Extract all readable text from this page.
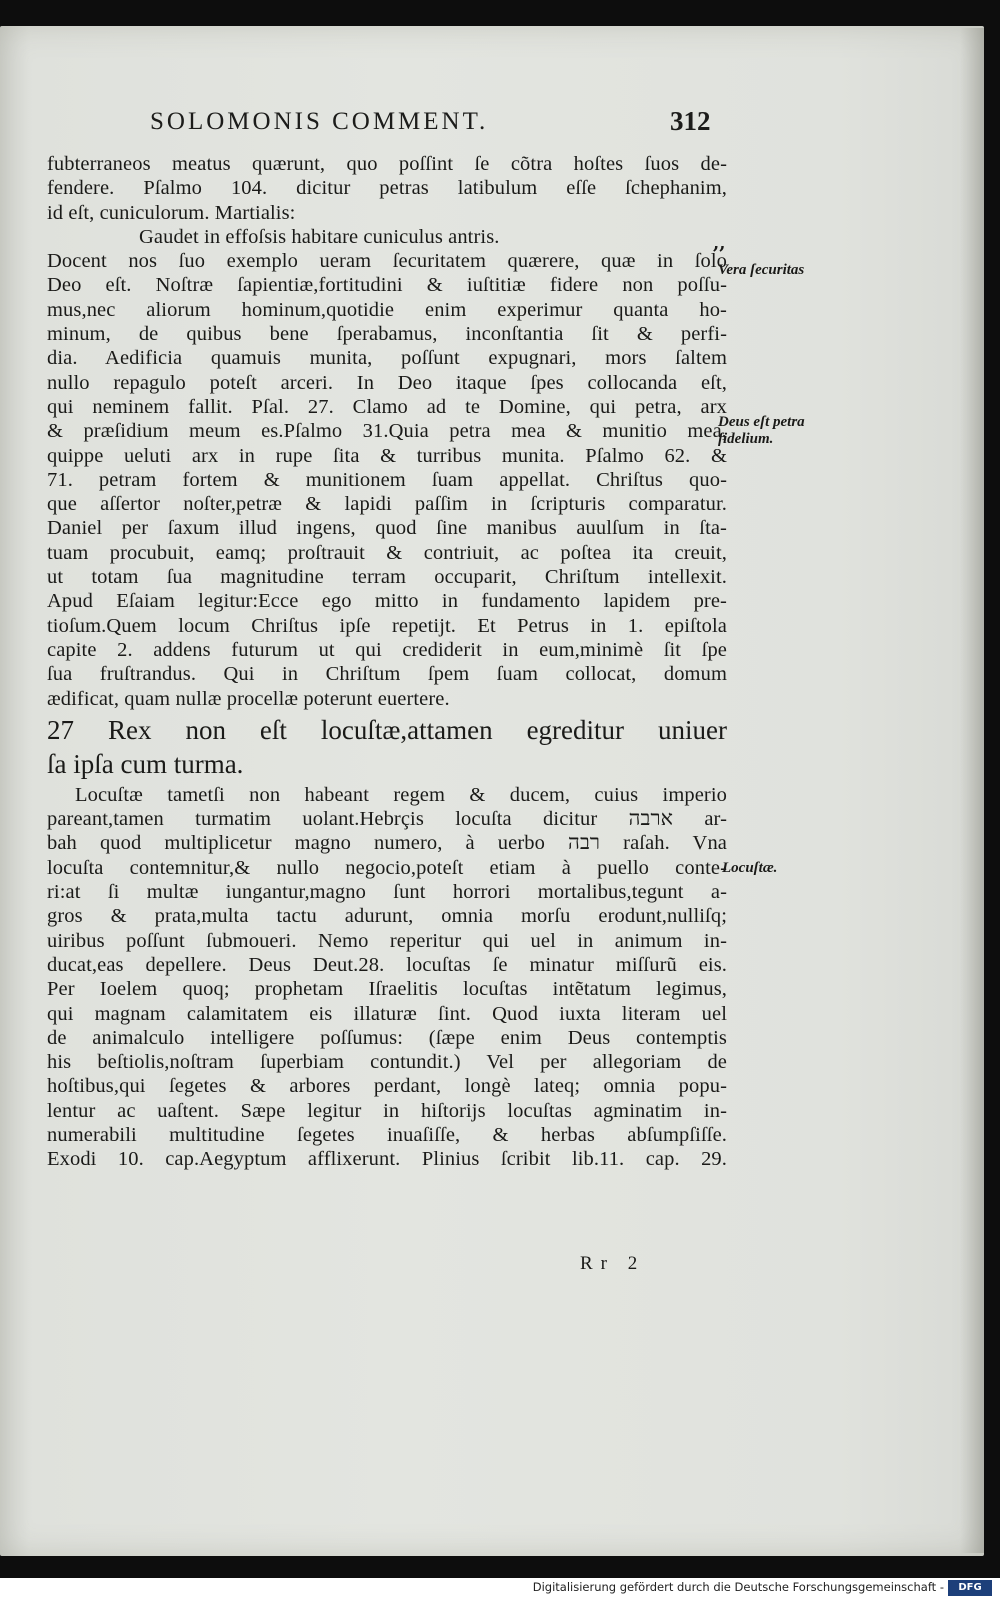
SOLOMONIS COMMENT.	312
fubterraneos meatus quærunt, quo poſſint ſe cõtra hoſtes ſuos de-
fendere. Pſalmo 104. dicitur petras latibulum eſſe ſchephanim,
id eſt, cuniculorum. Martialis:
Gaudet in effoſsis habitare cuniculus antris.
Docent nos ſuo exemplo ueram ſecuritatem quærere, quæ in ſolo
Deo eſt. Noſtræ ſapientiæ,fortitudini & iuſtitiæ fidere non poſſu-
mus,nec aliorum hominum,quotidie enim experimur quanta ho-
minum, de quibus bene ſperabamus, inconſtantia ſit & perfi-
dia. Aedificia quamuis munita, poſſunt expugnari, mors ſaltem
nullo repagulo poteſt arceri. In Deo itaque ſpes collocanda eſt,
qui neminem fallit. Pſal. 27. Clamo ad te Domine, qui petra, arx
& præſidium meum es.Pſalmo 31.Quia petra mea & munitio mea,
quippe ueluti arx in rupe ſita & turribus munita. Pſalmo 62. &
71. petram fortem & munitionem ſuam appellat. Chriſtus quo-
que aſſertor noſter,petræ & lapidi paſſim in ſcripturis comparatur.
Daniel per ſaxum illud ingens, quod ſine manibus auulſum in ſta-
tuam procubuit, eamq; proſtrauit & contriuit, ac poſtea ita creuit,
ut totam ſua magnitudine terram occuparit, Chriſtum intellexit.
Apud Eſaiam legitur:Ecce ego mitto in fundamento lapidem pre-
tioſum.Quem locum Chriſtus ipſe repetijt. Et Petrus in 1. epiſtola
capite 2. addens futurum ut qui crediderit in eum,minimè ſit ſpe
ſua fruſtrandus. Qui in Chriſtum ſpem ſuam collocat, domum
ædificat, quam nullæ procellæ poterunt euertere.
27 Rex non eſt locuſtæ,attamen egreditur uniuer
ſa ipſa cum turma.
Locuſtæ tametſi non habeant regem & ducem, cuius imperio
pareant,tamen turmatim uolant.Hebrçis locuſta dicitur ארבה ar-
bah quod multiplicetur magno numero, à uerbo רבה raſah. Vna
locuſta contemnitur,& nullo negocio,poteſt etiam à puello conte-
ri:at ſi multæ iungantur,magno ſunt horrori mortalibus,tegunt a-
gros & prata,multa tactu adurunt, omnia morſu erodunt,nulliſq;
uiribus poſſunt ſubmoueri. Nemo reperitur qui uel in animum in-
ducat,eas depellere. Deus Deut.28. locuſtas ſe minatur miſſurũ eis.
Per Ioelem quoq; prophetam Iſraelitis locuſtas intẽtatum legimus,
qui magnam calamitatem eis illaturæ ſint. Quod iuxta literam uel
de animalculo intelligere poſſumus: (ſæpe enim Deus contemptis
his beſtiolis,noſtram ſuperbiam contundit.) Vel per allegoriam de
hoſtibus,qui ſegetes & arbores perdant, longè lateq; omnia popu-
lentur ac uaſtent. Sæpe legitur in hiſtorijs locuſtas agminatim in-
numerabili multitudine ſegetes inuaſiſſe, & herbas abſumpſiſſe.
Exodi 10. cap.Aegyptum afflixerunt. Plinius ſcribit lib.11. cap. 29.
,,
Vera ſecuritas
Deus eſt petra
fidelium.
Locuſtæ.
Rr 2
Digitalisierung gefördert durch die Deutsche Forschungsgemeinschaft -	DFG
